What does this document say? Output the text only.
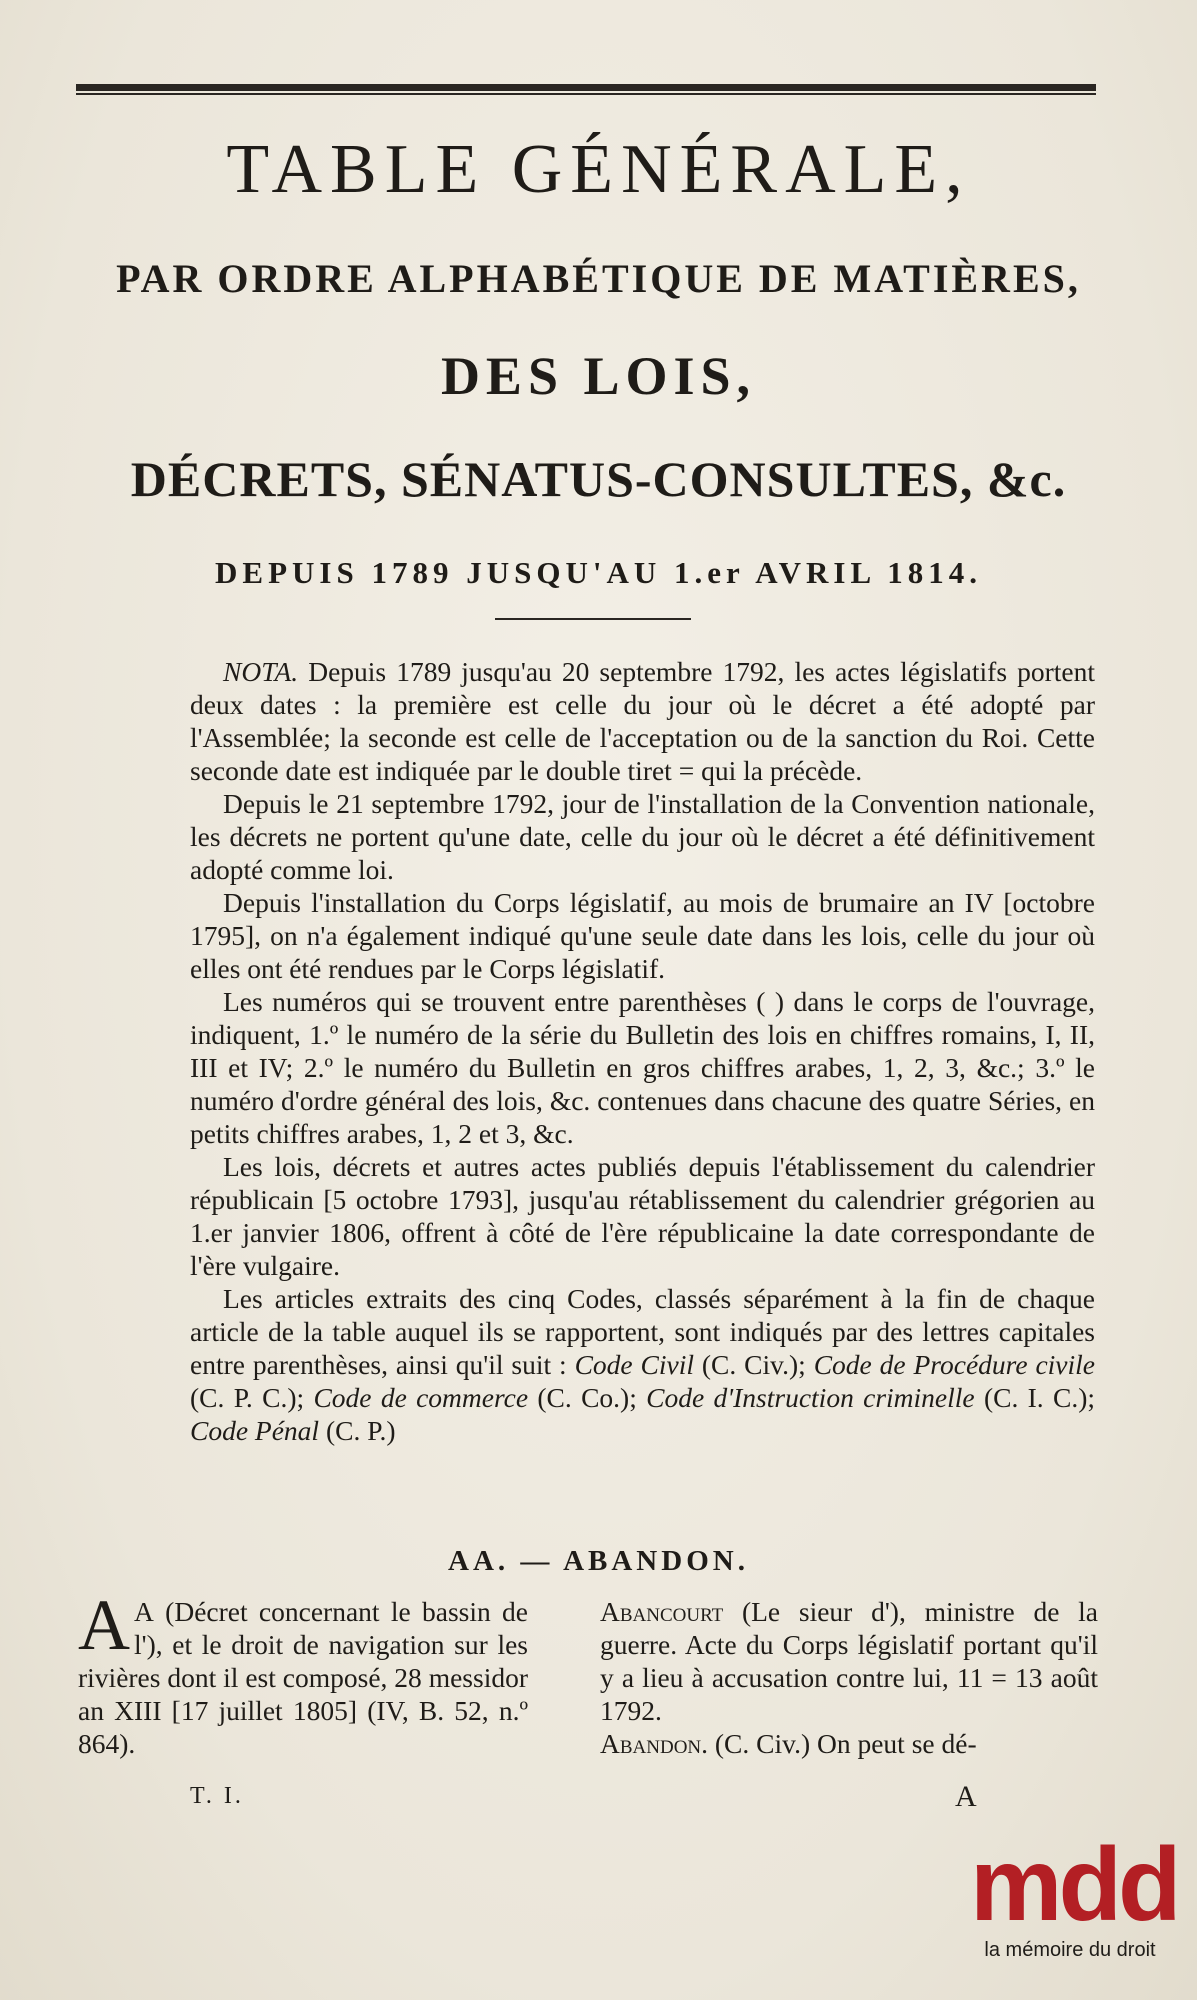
TABLE GÉNÉRALE,
PAR ORDRE ALPHABÉTIQUE DE MATIÈRES,
DES LOIS,
DÉCRETS, SÉNATUS-CONSULTES, &c.
DEPUIS 1789 JUSQU'AU 1.er AVRIL 1814.

NOTA. Depuis 1789 jusqu'au 20 septembre 1792, les actes législatifs portent deux dates : la première est celle du jour où le décret a été adopté par l'Assemblée; la seconde est celle de l'acceptation ou de la sanction du Roi. Cette seconde date est indiquée par le double tiret = qui la précède.

Depuis le 21 septembre 1792, jour de l'installation de la Convention nationale, les décrets ne portent qu'une date, celle du jour où le décret a été définitivement adopté comme loi.

Depuis l'installation du Corps législatif, au mois de brumaire an IV [octobre 1795], on n'a également indiqué qu'une seule date dans les lois, celle du jour où elles ont été rendues par le Corps législatif.

Les numéros qui se trouvent entre parenthèses ( ) dans le corps de l'ouvrage, indiquent, 1.º le numéro de la série du Bulletin des lois en chiffres romains, I, II, III et IV; 2.º le numéro du Bulletin en gros chiffres arabes, 1, 2, 3, &c.; 3.º le numéro d'ordre général des lois, &c. contenues dans chacune des quatre Séries, en petits chiffres arabes, 1, 2 et 3, &c.

Les lois, décrets et autres actes publiés depuis l'établissement du calendrier républicain [5 octobre 1793], jusqu'au rétablissement du calendrier grégorien au 1.er janvier 1806, offrent à côté de l'ère républicaine la date correspondante de l'ère vulgaire.

Les articles extraits des cinq Codes, classés séparément à la fin de chaque article de la table auquel ils se rapportent, sont indiqués par des lettres capitales entre parenthèses, ainsi qu'il suit : Code Civil (C. Civ.); Code de Procédure civile (C. P. C.); Code de commerce (C. Co.); Code d'Instruction criminelle (C. I. C.); Code Pénal (C. P.)

AA. — ABANDON.

A A (Décret concernant le bassin de l'), et le droit de navigation sur les rivières dont il est composé, 28 messidor an XIII [17 juillet 1805] (IV, B. 52, n.º 864).

Abancourt (Le sieur d'), ministre de la guerre. Acte du Corps législatif portant qu'il y a lieu à accusation contre lui, 11 = 13 août 1792.

Abandon. (C. Civ.) On peut se dé-

T. I.	A
mdd
la mémoire du droit
